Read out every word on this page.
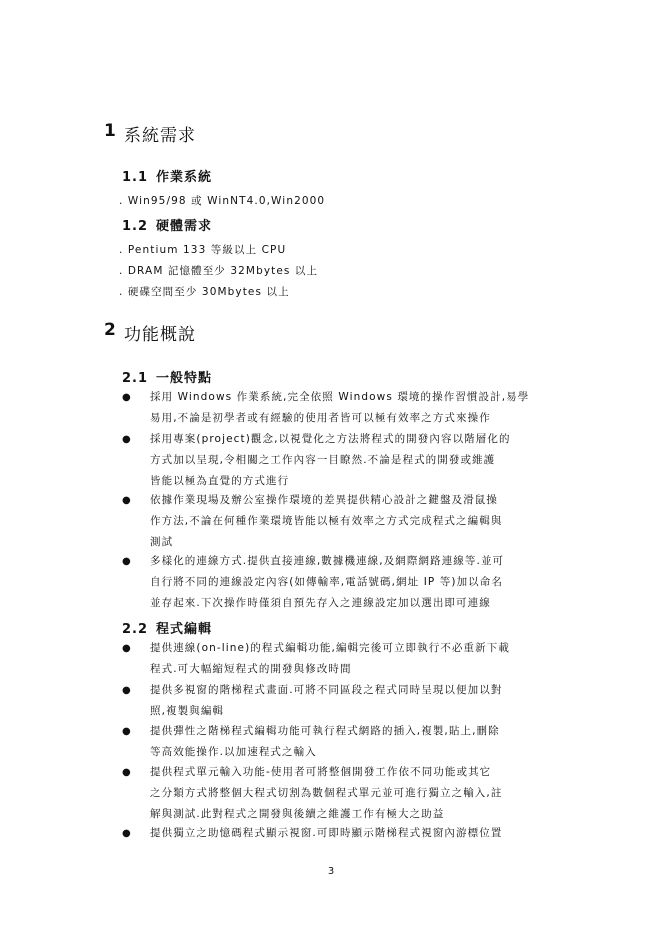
1 系統需求
1.1 作業系統
. Win95/98 或 WinNT4.0,Win2000
1.2 硬體需求
. Pentium 133 等級以上 CPU
. DRAM 記憶體至少 32Mbytes 以上
. 硬碟空間至少 30Mbytes 以上
2 功能概說
2.1 一般特點
● 採用 Windows 作業系統,完全依照 Windows 環境的操作習慣設計,易學
易用,不論是初學者或有經驗的使用者皆可以極有效率之方式來操作
● 採用專案(project)觀念,以視覺化之方法將程式的開發內容以階層化的
方式加以呈現,令相關之工作內容一目瞭然.不論是程式的開發或維護
皆能以極為直覺的方式進行
● 依據作業現場及辦公室操作環境的差異提供精心設計之鍵盤及滑鼠操
作方法,不論在何種作業環境皆能以極有效率之方式完成程式之編輯與
測試
● 多樣化的連線方式.提供直接連線,數據機連線,及網際網路連線等.並可
自行將不同的連線設定內容(如傳輸率,電話號碼,網址 IP 等)加以命名
並存起來.下次操作時僅須自預先存入之連線設定加以選出即可連線
2.2 程式編輯
● 提供連線(on-line)的程式編輯功能,編輯完後可立即執行不必重新下載
程式.可大幅縮短程式的開發與修改時間
● 提供多視窗的階梯程式畫面.可將不同區段之程式同時呈現以便加以對
照,複製與編輯
● 提供彈性之階梯程式編輯功能可執行程式網路的插入,複製,貼上,刪除
等高效能操作.以加速程式之輸入
● 提供程式單元輸入功能-使用者可將整個開發工作依不同功能或其它
之分類方式將整個大程式切割為數個程式單元並可進行獨立之輸入,註
解與測試.此對程式之開發與後續之維護工作有極大之助益
● 提供獨立之助憶碼程式顯示視窗.可即時顯示階梯程式視窗內游標位置
3
